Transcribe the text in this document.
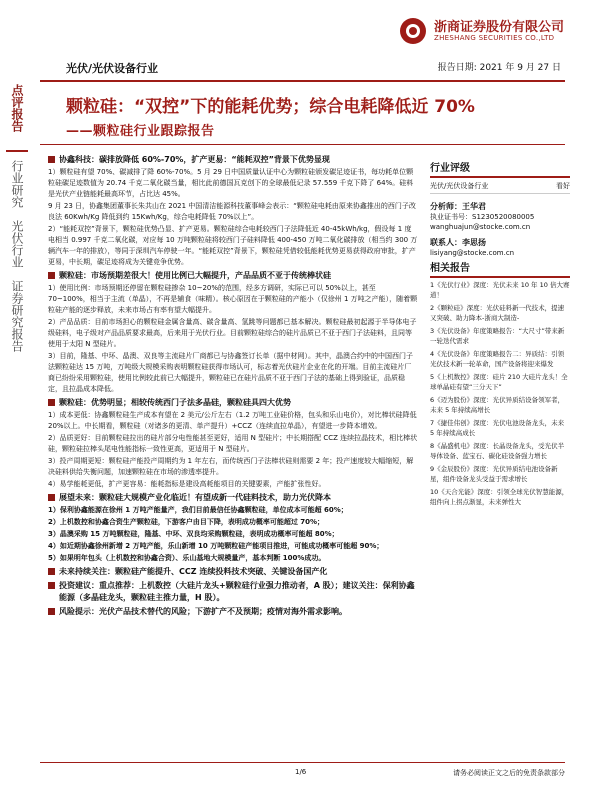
浙商证券股份有限公司
ZHESHANG SECURITIES CO.,LTD
光伏/光伏设备行业	报告日期: 2021 年 9 月 27 日
点评报告
行业研究
光伏行业
证券研究报告
颗粒硅：“双控”下的能耗优势；综合电耗降低近 70%
——颗粒硅行业跟踪报告
协鑫科技：碳排放降低 60%-70%，扩产更易：“能耗双控”背景下优势显现

1）颗粒硅有望 70%、碳减排了降 60%-70%。5 月 29 日中国质量认证中心为颗粒硅颁发碳足迹证书，每功耗单位颗粒硅碳足迹数值为 20.74 千克二氧化碳当量，相比此前德国瓦克创下的全球最低记录 57.559 千克下降了 64%。硅料是光伏产业链能耗最高环节，占比达 45%。

9 月 23 日，协鑫集团董事长朱共山在 2021 中国清洁能源科技董事峰会表示：“颗粒硅电耗由原来协鑫推出的西门子改良法 60Kwh/Kg 降低到约 15Kwh/Kg，综合电耗降低 70%以上”。

2）“能耗双控”背景下，颗粒硅优势凸显、扩产更易。颗粒硅综合电耗较西门子法降低近 40-45kWh/kg，假设每 1 度电相当 0.997 千克二氧化碳，对应每 10 万吨颗粒硅将较西门子硅料降低 400-450 万吨二氧化碳排放（相当约 300 万辆汽车一年的排放），等同于深圳汽车停驶一年。“能耗双控”背景下，颗粒硅凭借较低能耗优势更易获得政府审批，扩产更易，中长期，碳足迹将成为关键竞争优势。

颗粒硅：市场预期差很大！使用比例已大幅提升，产品品质不亚于传统棒状硅

1）使用比例：市场预期还停留在颗粒硅掺杂 10~20%的范围，经多方调研，实际已可以 50%以上，甚至 70~100%，相当于主流（单晶），不再是辅食（味精）。核心原因在于颗粒硅的产能小（仅徐州 1 万吨之产能），随着颗粒硅产能的逐步释放，未来市场占有率有望大幅提升。

2）产品品质：目前市场担心的颗粒硅金属含量高、碳含量高、氢跳等问题都已基本解决。颗粒硅最初起源于半导体电子级硅料，电子级对产品品质要求最高，后来用于光伏行业。目前颗粒硅综合的硅片品质已不亚于西门子法硅料，且同等使用于太阳 N 型硅片。

3）目前，隆基、中环、晶澳、双良等主流硅片厂商都已与协鑫签订长单（据中材网）。其中，晶澳合约中的中国西门子法颗粒硅达 15 万吨，万吨级大规模采购表明颗粒硅获得市场认可，标志着光伏硅片企业在化的开端。目前主流硅片厂商已纷纷采用颗粒硅，使用比例较此前已大幅提升，颗粒硅已在硅片品质不亚于西门子法的基础上得到验证，品质稳定，且拉晶成本降低。

颗粒硅：优势明显；相较传统西门子法多晶硅，颗粒硅具四大优势

1）成本更低：协鑫颗粒硅生产成本有望在 2 美元/公斤左右（1.2 万吨工业硅价格，包头和乐山电价），对比棒状硅降低 20%以上。中长期看，颗粒硅（对诸多的更清、单产提升）+CCZ（连续直拉单晶），有望进一步降本增效。

2）品质更好：目前颗粒硅拉出的硅片部分电性能甚至更好，适用 N 型硅片；中长期搭配 CCZ 连续拉晶技术，相比棒状硅，颗粒硅拉棒头尾电性能指标一致性更高，更适用于 N 型硅片。

3）投产周期更短：颗粒硅产能投产周期约为 1 年左右，而传统西门子法棒状硅则需要 2 年；投产速度较大幅缩短，解决硅料供给失衡问题，加速颗粒硅在市场的渗透率提升。

4）易学能耗更低，扩产更容易：能耗指标是建设高耗能项目的关键要素，产能扩张性好。

展望未来：颗粒硅大规模产业化临近！有望成新一代硅料技术，助力光伏降本

1）保利协鑫能源在徐州 1 万吨产能量产，我们目前最信任协鑫颗粒硅，单位成本可能超 60%；

2）上机数控和协鑫合资生产颗粒硅，下游客户由目下降，表明成功概率可能超过 70%；

3）晶澳采购 15 万吨颗粒硅，隆基、中环、双良均采购颗粒硅，表明成功概率可能超 80%；

4）如近期协鑫徐州新增 2 万吨产能，乐山新增 10 万吨颗粒硅产能项目推进，可能成功概率可能超 90%；

5）如果明年包头（上机数控和协鑫合资）、乐山基地大规模量产，基本判断 100%成功。

未来持续关注：颗粒硅产能提升、CCZ 连续投料技术突破、关键设备国产化
投资建议：重点推荐：上机数控（大硅片龙头+颗粒硅行业强力推动者，A 股）；建议关注：保利协鑫能源（多晶硅龙头，颗粒硅主推力量，H 股）。
风险提示：光伏产品技术替代的风险；下游扩产不及预期；疫情对海外需求影响。
行业评级
光伏/光伏设备行业	看好
分析师：王华君
执业证书号：S1230520080005
wanghuajun@stocke.com.cn
联系人：李思扬
lisiyang@stocke.com.cn
相关报告
1《光伏行业》深度：光伏未来 10 年 10 倍大赛道！
2《颗粒硅》深度：光伏硅料新一代技术，提速又突破、助力降本-浙商大制造-
3《光伏设备》年度策略报告：“大尺寸”带来新一轮迭代需求
4《光伏设备》年度策略报告二：异质结：引领光伏技术新一轮革命，国产设备将迎来爆发
5《上机数控》深度：硅片 210 大硅片龙头！全球单晶硅有望“三分天下”
6《迈为股份》深度：光伏异质结设备领军者，未来 5 年持续高增长
7《捷佳伟创》深度：光伏电池设备龙头，未来 5 年持续高成长
8《晶盛机电》深度：长晶设备龙头，受光伏半导体设备、蓝宝石、碳化硅设备强力增长
9《金辰股份》深度：光伏异质结电池设备新星，组件设备龙头受益于需求增长
10《天合光能》深度：引领全球光伏智慧能源，组件向上拐点渐显，未来弹性大
1/6	请务必阅读正文之后的免责条款部分
